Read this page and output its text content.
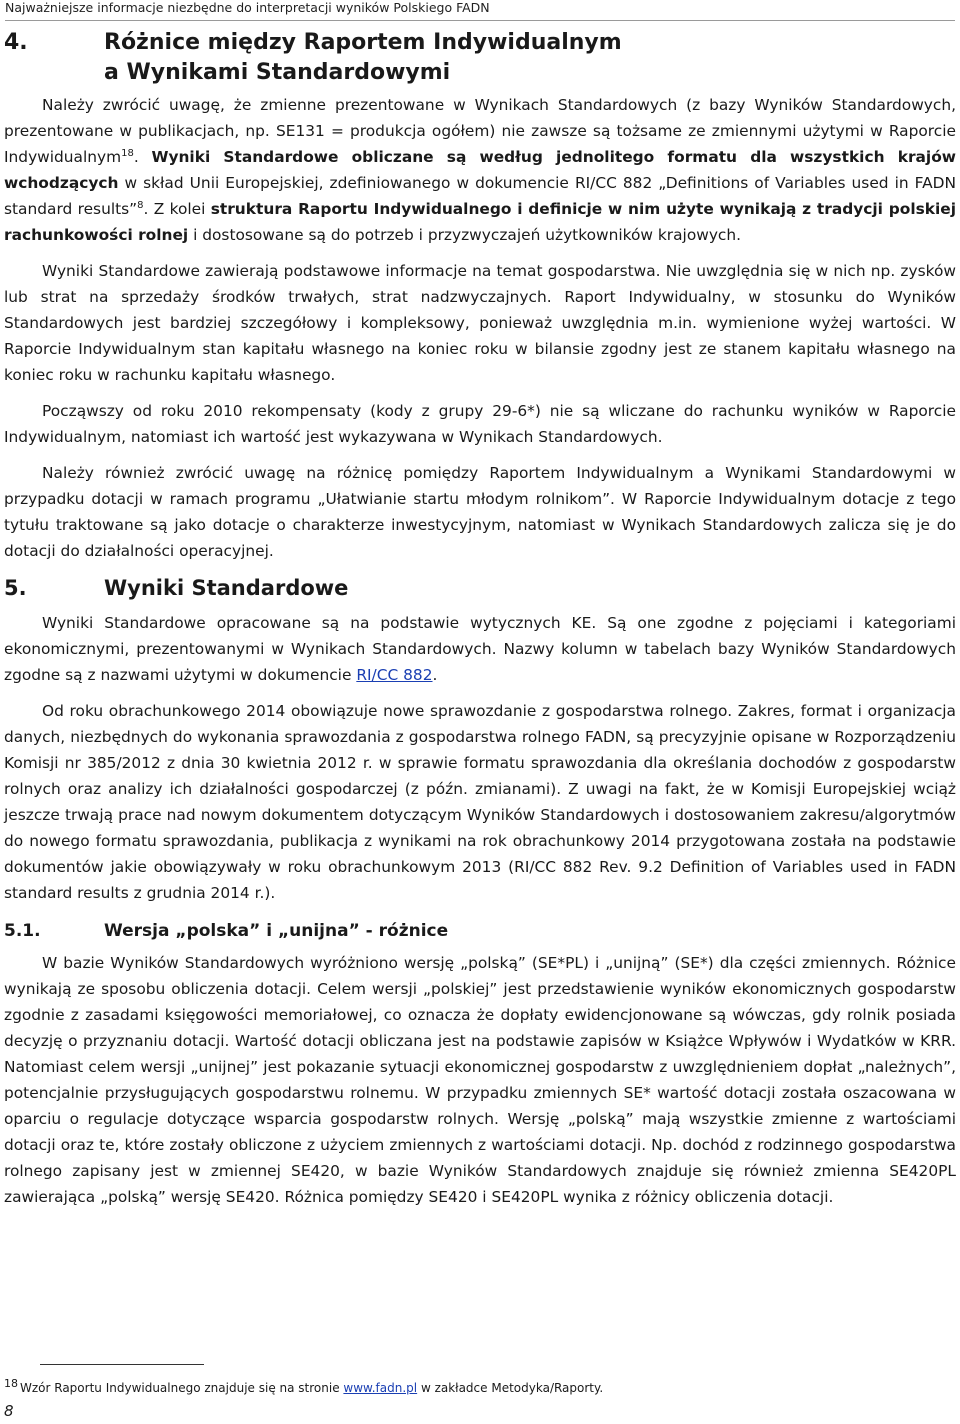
Najważniejsze informacje niezbędne do interpretacji wyników Polskiego FADN
4.	Różnice między Raportem Indywidualnym
a Wynikami Standardowymi

Należy zwrócić uwagę, że zmienne prezentowane w Wynikach Standardowych (z bazy Wyników Standardowych, prezentowane w publikacjach, np. SE131 = produkcja ogółem) nie zawsze są tożsame ze zmiennymi użytymi w Raporcie Indywidualnym$^{18}$. Wyniki Standardowe obliczane są według jednolitego formatu dla wszystkich krajów wchodzących w skład Unii Europejskiej, zdefiniowanego w dokumencie RI/CC 882 „Definitions of Variables used in FADN standard results”$^8$. Z kolei struktura Raportu Indywidualnego i definicje w nim użyte wynikają z tradycji polskiej rachunkowości rolnej i dostosowane są do potrzeb i przyzwyczajeń użytkowników krajowych.

Wyniki Standardowe zawierają podstawowe informacje na temat gospodarstwa. Nie uwzględnia się w nich np. zysków lub strat na sprzedaży środków trwałych, strat nadzwyczajnych. Raport Indywidualny, w stosunku do Wyników Standardowych jest bardziej szczegółowy i kompleksowy, ponieważ uwzględnia m.in. wymienione wyżej wartości. W Raporcie Indywidualnym stan kapitału własnego na koniec roku w bilansie zgodny jest ze stanem kapitału własnego na koniec roku w rachunku kapitału własnego.

Począwszy od roku 2010 rekompensaty (kody z grupy 29-6*) nie są wliczane do rachunku wyników w Raporcie Indywidualnym, natomiast ich wartość jest wykazywana w Wynikach Standardowych.

Należy również zwrócić uwagę na różnicę pomiędzy Raportem Indywidualnym a Wynikami Standardowymi w przypadku dotacji w ramach programu „Ułatwianie startu młodym rolnikom”. W Raporcie Indywidualnym dotacje z tego tytułu traktowane są jako dotacje o charakterze inwestycyjnym, natomiast w Wynikach Standardowych zalicza się je do dotacji do działalności operacyjnej.

5.	Wyniki Standardowe

Wyniki Standardowe opracowane są na podstawie wytycznych KE. Są one zgodne z pojęciami i kategoriami ekonomicznymi, prezentowanymi w Wynikach Standardowych. Nazwy kolumn w tabelach bazy Wyników Standardowych zgodne są z nazwami użytymi w dokumencie RI/CC 882.

Od roku obrachunkowego 2014 obowiązuje nowe sprawozdanie z gospodarstwa rolnego. Zakres, format i organizacja danych, niezbędnych do wykonania sprawozdania z gospodarstwa rolnego FADN, są precyzyjnie opisane w Rozporządzeniu Komisji nr 385/2012 z dnia 30 kwietnia 2012 r. w sprawie formatu sprawozdania dla określania dochodów z gospodarstw rolnych oraz analizy ich działalności gospodarczej (z późn. zmianami). Z uwagi na fakt, że w Komisji Europejskiej wciąż jeszcze trwają prace nad nowym dokumentem dotyczącym Wyników Standardowych i dostosowaniem zakresu/algorytmów do nowego formatu sprawozdania, publikacja z wynikami na rok obrachunkowy 2014 przygotowana została na podstawie dokumentów jakie obowiązywały w roku obrachunkowym 2013 (RI/CC 882 Rev. 9.2 Definition of Variables used in FADN standard results z grudnia 2014 r.).

5.1.	Wersja „polska” i „unijna” - różnice

W bazie Wyników Standardowych wyróżniono wersję „polską” (SE*PL) i „unijną” (SE*) dla części zmiennych. Różnice wynikają ze sposobu obliczenia dotacji. Celem wersji „polskiej” jest przedstawienie wyników ekonomicznych gospodarstw zgodnie z zasadami księgowości memoriałowej, co oznacza że dopłaty ewidencjonowane są wówczas, gdy rolnik posiada decyzję o przyznaniu dotacji. Wartość dotacji obliczana jest na podstawie zapisów w Książce Wpływów i Wydatków w KRR. Natomiast celem wersji „unijnej” jest pokazanie sytuacji ekonomicznej gospodarstw z uwzględnieniem dopłat „należnych”, potencjalnie przysługujących gospodarstwu rolnemu. W przypadku zmiennych SE* wartość dotacji została oszacowana w oparciu o regulacje dotyczące wsparcia gospodarstw rolnych. Wersję „polską” mają wszystkie zmienne z wartościami dotacji oraz te, które zostały obliczone z użyciem zmiennych z wartościami dotacji. Np. dochód z rodzinnego gospodarstwa rolnego zapisany jest w zmiennej SE420, w bazie Wyników Standardowych znajduje się również zmienna SE420PL zawierająca „polską” wersję SE420. Różnica pomiędzy SE420 i SE420PL wynika z różnicy obliczenia dotacji.

18 Wzór Raportu Indywidualnego znajduje się na stronie www.fadn.pl w zakładce Metodyka/Raporty.
8
